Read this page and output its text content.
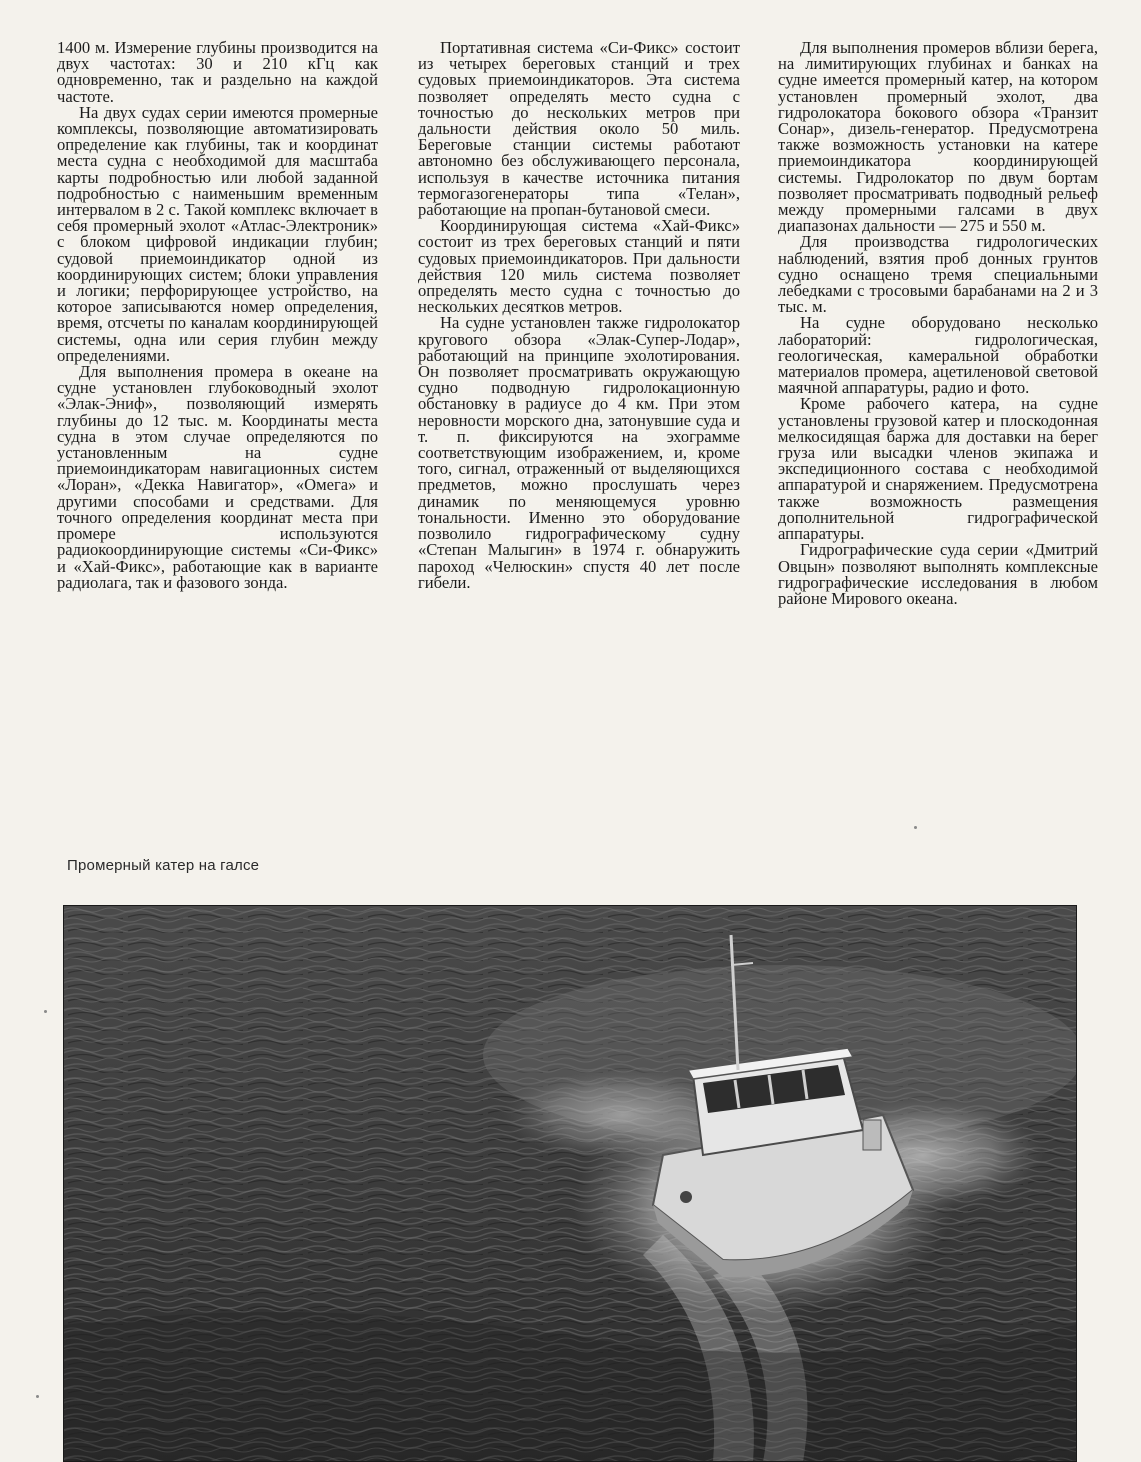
1400 м. Измерение глубины производится на двух частотах: 30 и 210 кГц как одновременно, так и раздельно на каждой частоте.

На двух судах серии имеются промерные комплексы, позволяющие автоматизировать определение как глубины, так и координат места судна с необходимой для масштаба карты подробностью или любой заданной подробностью с наименьшим временным интервалом в 2 с. Такой комплекс включает в себя промерный эхолот «Атлас-Электроник» с блоком цифровой индикации глубин; судовой приемоиндикатор одной из координирующих систем; блоки управления и логики; перфорирующее устройство, на которое записываются номер определения, время, отсчеты по каналам координирующей системы, одна или серия глубин между определениями.

Для выполнения промера в океане на судне установлен глубоководный эхолот «Элак-Эниф», позволяющий измерять глубины до 12 тыс. м. Координаты места судна в этом случае определяются по установленным на судне приемоиндикаторам навигационных систем «Лоран», «Декка Навигатор», «Омега» и другими способами и средствами. Для точного определения координат места при промере используются радиокоординирующие системы «Си-Фикс» и «Хай-Фикс», работающие как в варианте радиолага, так и фазового зонда.

Портативная система «Си-Фикс» состоит из четырех береговых станций и трех судовых приемоиндикаторов. Эта система позволяет определять место судна с точностью до нескольких метров при дальности действия около 50 миль. Береговые станции системы работают автономно без обслуживающего персонала, используя в качестве источника питания термогазогенераторы типа «Телан», работающие на пропан-бутановой смеси.

Координирующая система «Хай-Фикс» состоит из трех береговых станций и пяти судовых приемоиндикаторов. При дальности действия 120 миль система позволяет определять место судна с точностью до нескольких десятков метров.

На судне установлен также гидролокатор кругового обзора «Элак-Супер-Лодар», работающий на принципе эхолотирования. Он позволяет просматривать окружающую судно подводную гидролокационную обстановку в радиусе до 4 км. При этом неровности морского дна, затонувшие суда и т. п. фиксируются на эхограмме соответствующим изображением, и, кроме того, сигнал, отраженный от выделяющихся предметов, можно прослушать через динамик по меняющемуся уровню тональности. Именно это оборудование позволило гидрографическому судну «Степан Малыгин» в 1974 г. обнаружить пароход «Челюскин» спустя 40 лет после гибели.

Для выполнения промеров вблизи берега, на лимитирующих глубинах и банках на судне имеется промерный катер, на котором установлен промерный эхолот, два гидролокатора бокового обзора «Транзит Сонар», дизель-генератор. Предусмотрена также возможность установки на катере приемоиндикатора координирующей системы. Гидролокатор по двум бортам позволяет просматривать подводный рельеф между промерными галсами в двух диапазонах дальности — 275 и 550 м.

Для производства гидрологических наблюдений, взятия проб донных грунтов судно оснащено тремя специальными лебедками с тросовыми барабанами на 2 и 3 тыс. м.

На судне оборудовано несколько лабораторий: гидрологическая, геологическая, камеральной обработки материалов промера, ацетиленовой световой маячной аппаратуры, радио и фото.

Кроме рабочего катера, на судне установлены грузовой катер и плоскодонная мелкосидящая баржа для доставки на берег груза или высадки членов экипажа и экспедиционного состава с необходимой аппаратурой и снаряжением. Предусмотрена также возможность размещения дополнительной гидрографической аппаратуры.

Гидрографические суда серии «Дмитрий Овцын» позволяют выполнять комплексные гидрографические исследования в любом районе Мирового океана.

Промерный катер на галсе
